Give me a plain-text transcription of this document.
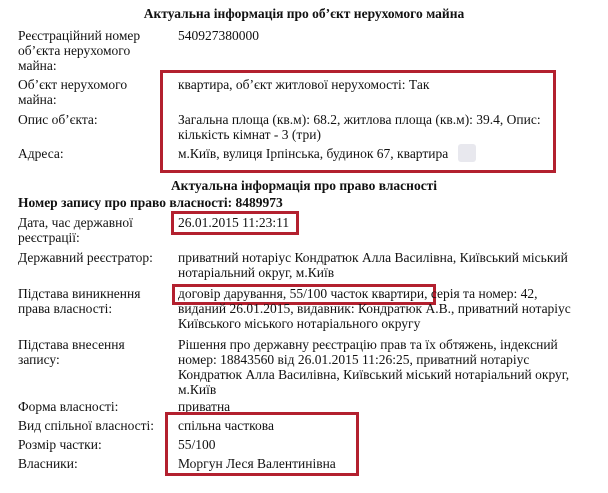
Актуальна інформація про об’єкт нерухомого майна
Реєстраційний номер
об’єкта нерухомого
майна:
540927380000
Об’єкт нерухомого
майна:
квартира, об’єкт житлової нерухомості: Так
Опис об’єкта:	Загальна площа (кв.м): 68.2, житлова площа (кв.м): 39.4, Опис:
кількість кімнат - 3 (три)
Адреса:	м.Київ, вулиця Ірпінська, будинок 67, квартира
Актуальна інформація про право власності
Номер запису про право власності: 8489973
Дата, час державної
реєстрації:
26.01.2015 11:23:11
Державний реєстратор: приватний нотаріус Кондратюк Алла Василівна, Київський міський
нотаріальний округ, м.Київ
Підстава виникнення
права власності:
договір дарування, 55/100 часток квартири, серія та номер: 42,
виданий 26.01.2015, видавник: Кондратюк А.В., приватний нотаріус
Київського міського нотаріального округу
Підстава внесення
запису:
Рішення про державну реєстрацію прав та їх обтяжень, індексний
номер: 18843560 від 26.01.2015 11:26:25, приватний нотаріус
Кондратюк Алла Василівна, Київський міський нотаріальний округ,
м.Київ
Форма власності:	приватна
Вид спільної власності: спільна часткова
Розмір частки:	55/100
Власники:	Моргун Леся Валентинівна
